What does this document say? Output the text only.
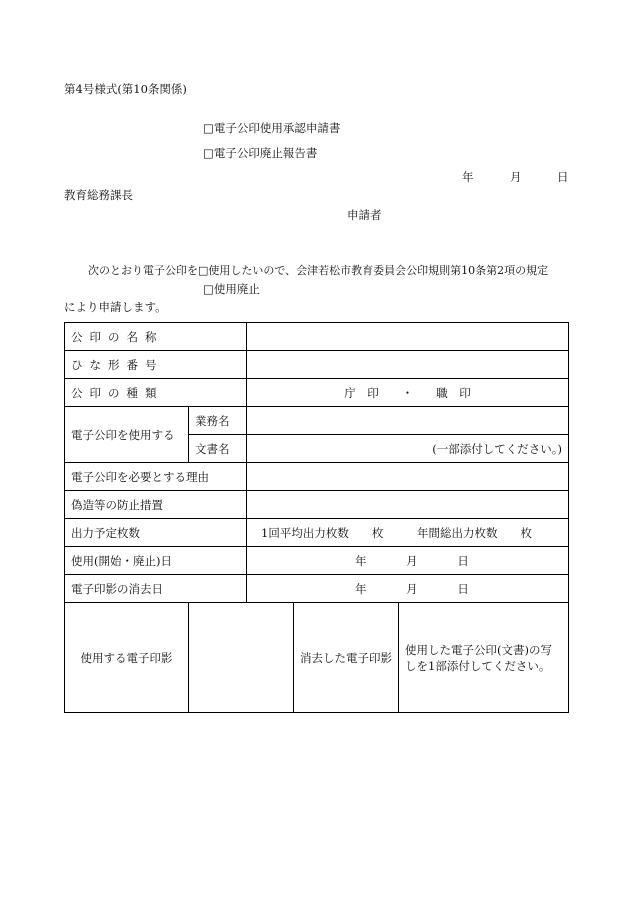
第4号様式(第10条関係)
□電子公印使用承認申請書
□電子公印廃止報告書
年	月	日
教育総務課長
申請者
次のとおり電子公印を□使用したいので、会津若松市教育委員会公印規則第10条第2項の規定
□使用廃止
により申請します。
公印の名称				
ひな形番号				
公印の種類		庁　印　　・　　職　印		
電子公印を使用する	業務名			
	文書名	(一部添付してください。)		
電子公印を必要とする理由				
偽造等の防止措置				
出力予定枚数		1回平均出力枚数　　枚 年間総出力枚数　　枚		
使用(開始・廃止)日		年 月 日		
電子印影の消去日		年 月 日		
使用する電子印影			消去した電子印影	使用した電子公印(文書)の写しを1部添付してください。
